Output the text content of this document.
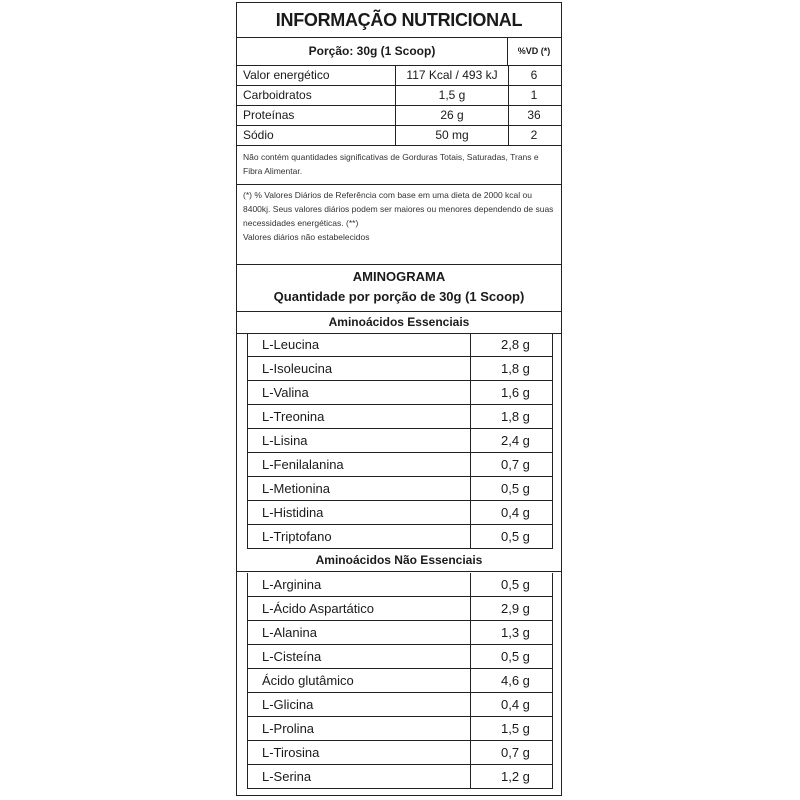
INFORMAÇÃO NUTRICIONAL
Porção: 30g (1 Scoop)	%VD (*)
Valor energético	117 Kcal / 493 kJ	6
Carboidratos	1,5 g	1
Proteínas	26 g	36
Sódio	50 mg	2
Não contém quantidades significativas de Gorduras Totais, Saturadas, Trans e Fibra Alimentar.
(*) % Valores Diários de Referência com base em uma dieta de 2000 kcal ou 8400kj. Seus valores diários podem ser maiores ou menores dependendo de suas necessidades energéticas. (**)
Valores diários não estabelecidos
AMINOGRAMA
Quantidade por porção de 30g (1 Scoop)
Aminoácidos Essenciais
L-Leucina	2,8 g
L-Isoleucina	1,8 g
L-Valina	1,6 g
L-Treonina	1,8 g
L-Lisina	2,4 g
L-Fenilalanina	0,7 g
L-Metionina	0,5 g
L-Histidina	0,4 g
L-Triptofano	0,5 g
Aminoácidos Não Essenciais
L-Arginina	0,5 g
L-Ácido Aspartático	2,9 g
L-Alanina	1,3 g
L-Cisteína	0,5 g
Ácido glutâmico	4,6 g
L-Glicina	0,4 g
L-Prolina	1,5 g
L-Tirosina	0,7 g
L-Serina	1,2 g
